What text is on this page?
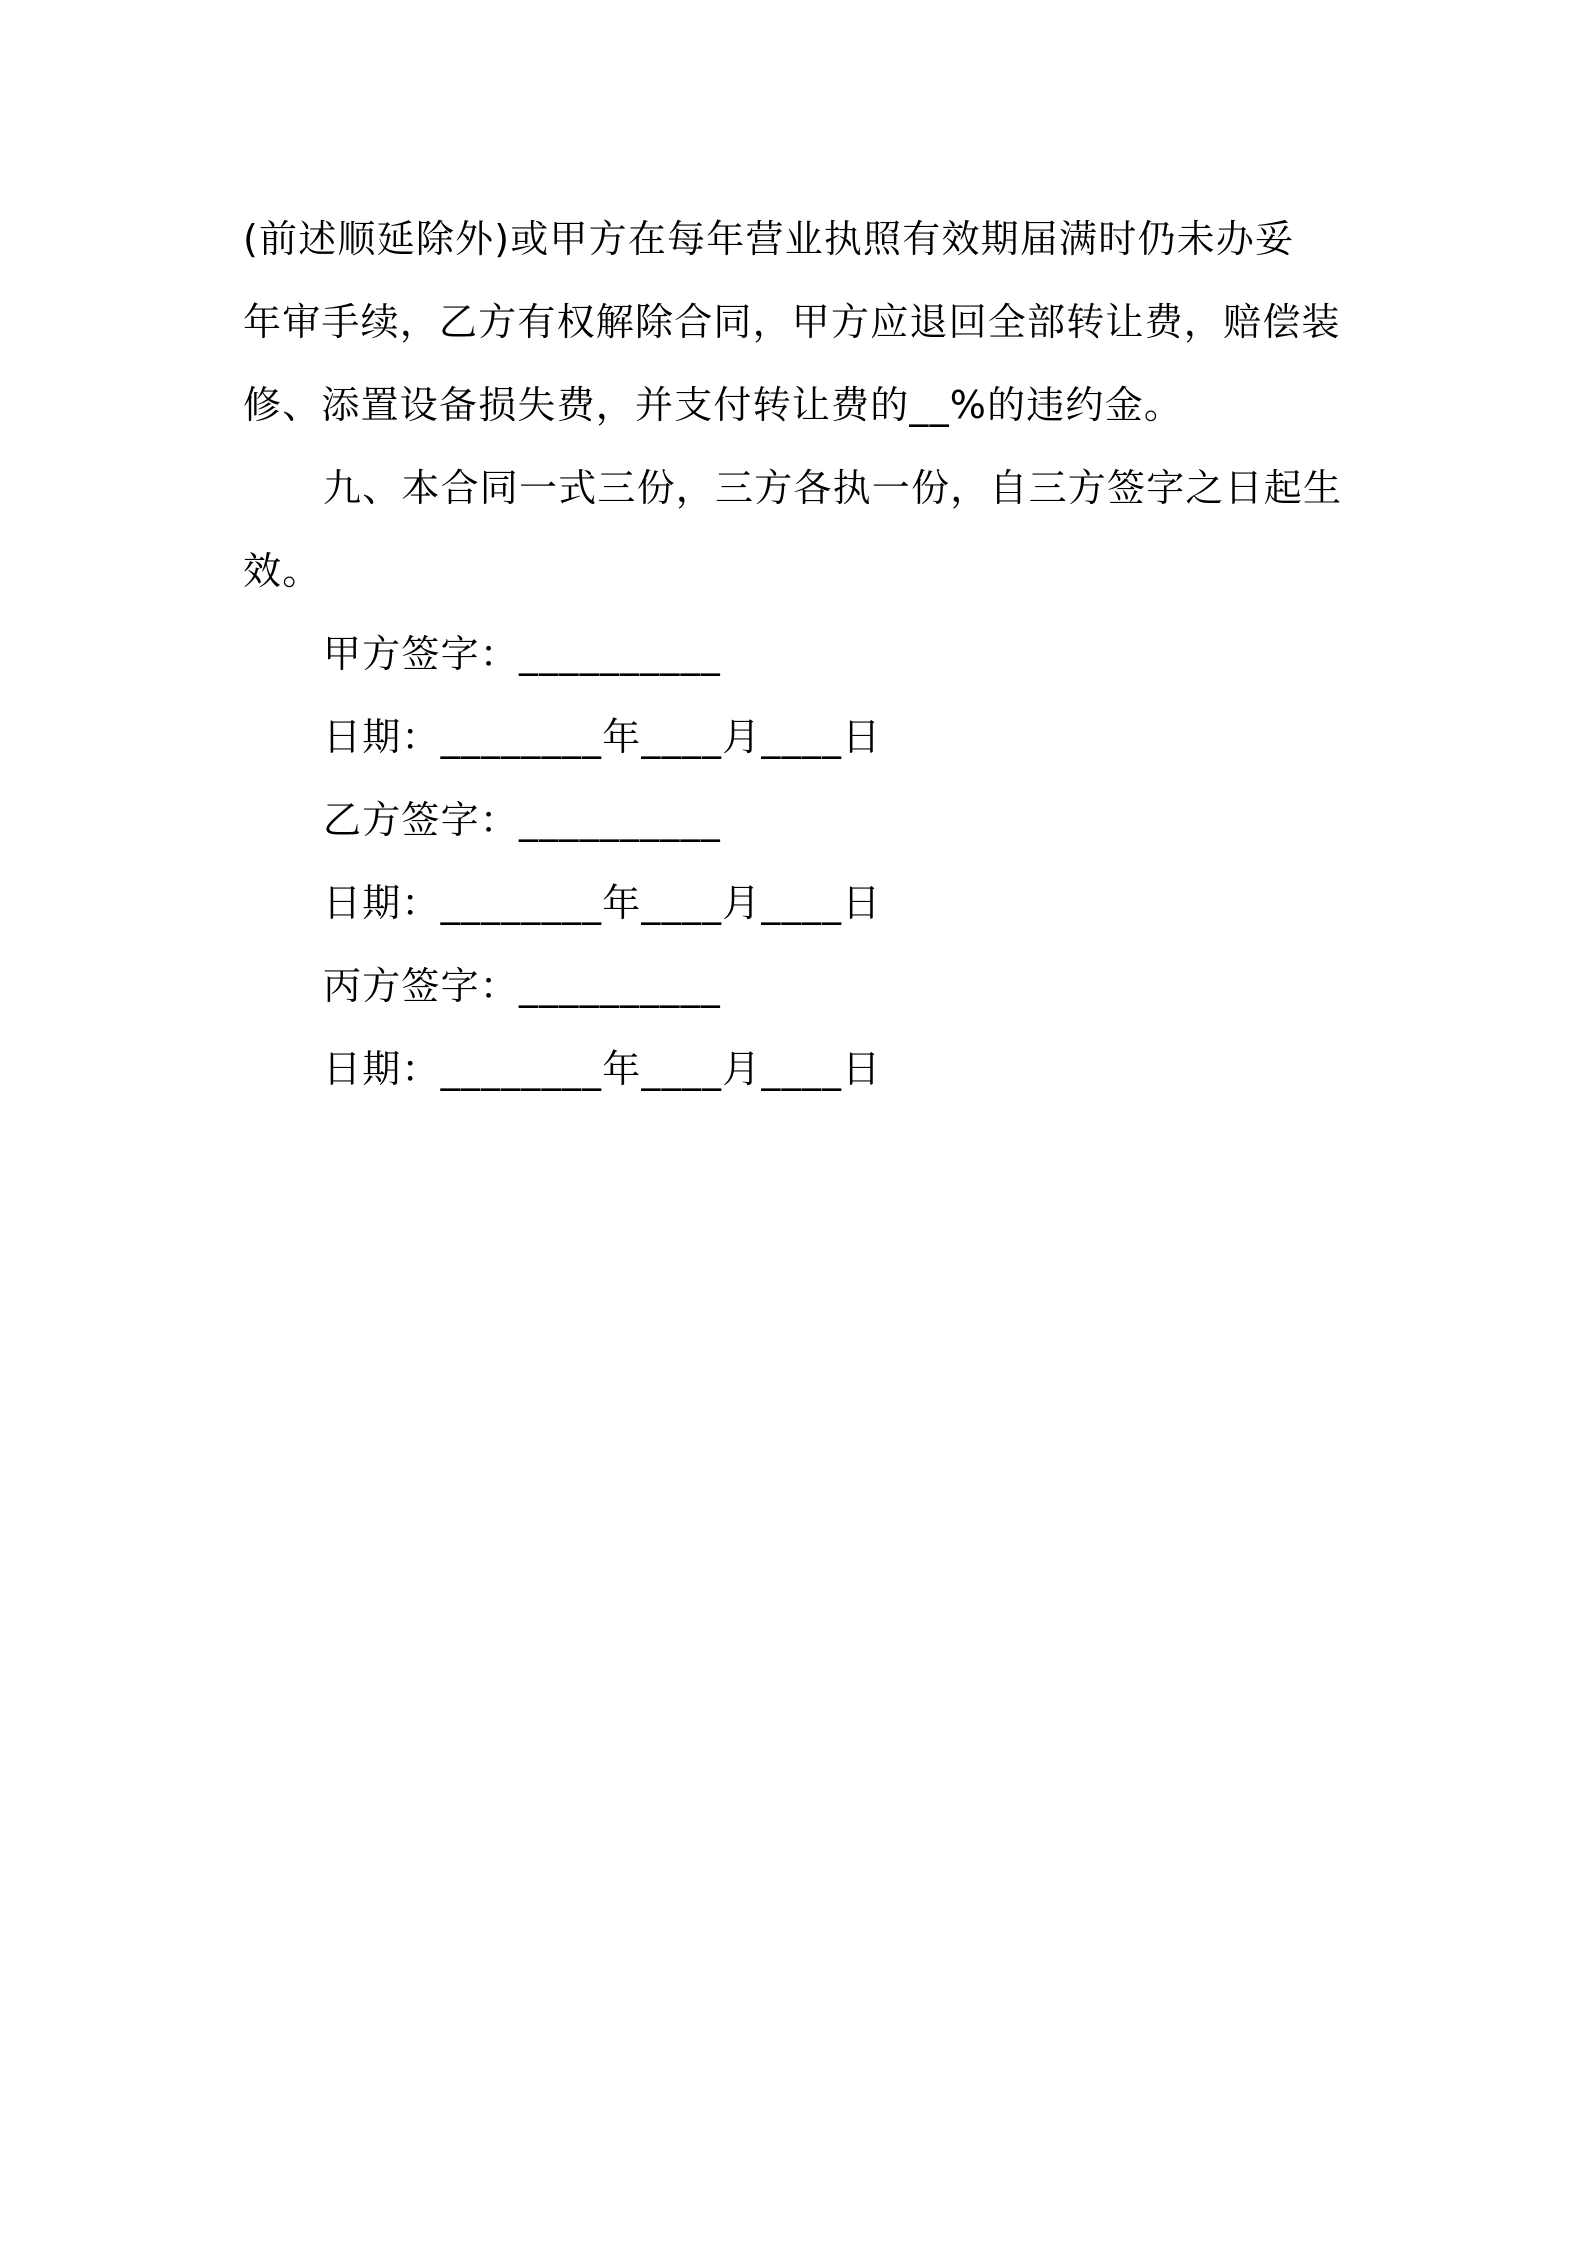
(前述顺延除外)或甲方在每年营业执照有效期届满时仍未办妥
年审手续，乙方有权解除合同，甲方应退回全部转让费，赔偿装
修、添置设备损失费，并支付转让费的__%的违约金。
九、本合同一式三份，三方各执一份，自三方签字之日起生
效。
甲方签字：__________
日期：________年____月____日
乙方签字：__________
日期：________年____月____日
丙方签字：__________
日期：________年____月____日
